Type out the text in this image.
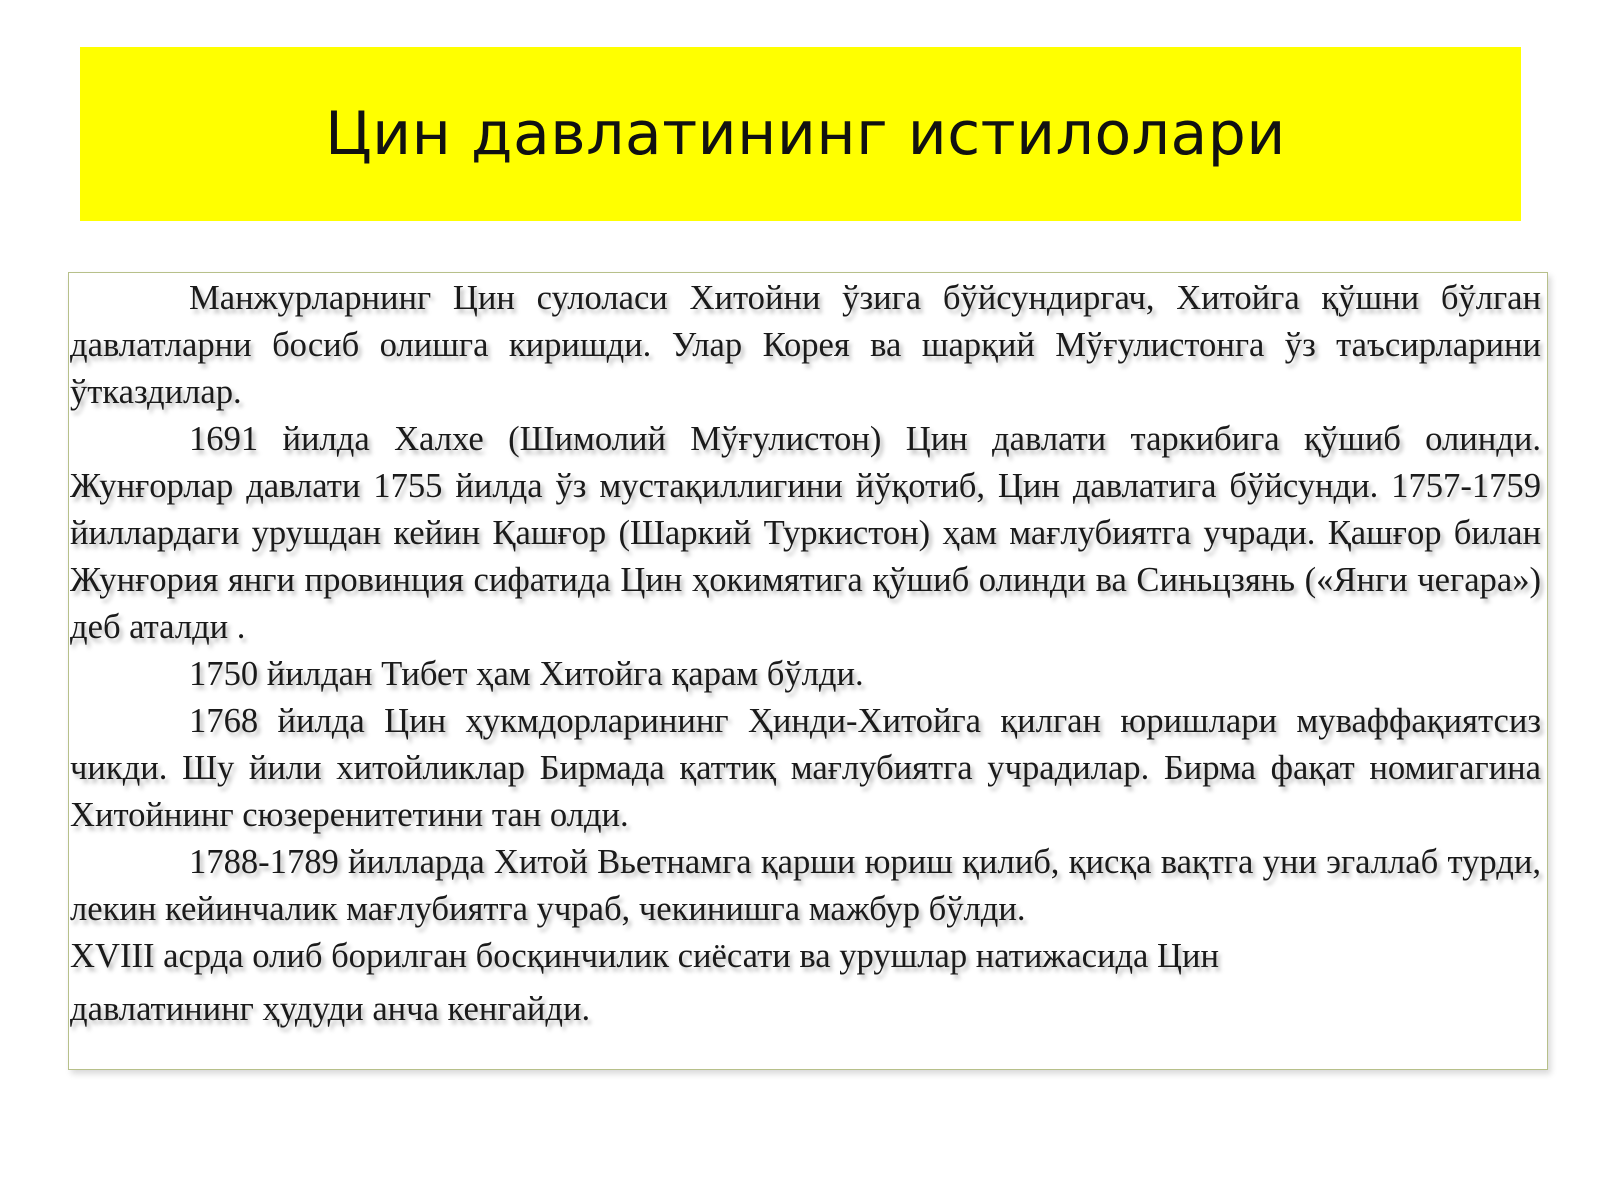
Цин давлатининг истилолари

Манжурларнинг Цин сулоласи Хитойни ўзига бўйсундиргач, Хитойга қўшни бўлган давлатларни босиб олишга киришди. Улар Корея ва шарқий Мўғулистонга ўз таъсирларини ўтказдилар.

1691 йилда Халхе (Шимолий Мўғулистон) Цин давлати таркибига қўшиб олинди. Жунғорлар давлати 1755 йилда ўз мустақиллигини йўқотиб, Цин давлатига бўйсунди. 1757-1759 йиллардаги урушдан кейин Қашғор (Шаркий Туркистон) ҳам мағлубиятга учради. Қашғор билан Жунғория янги провинция сифатида Цин ҳокимятига қўшиб олинди ва Синьцзянь («Янги чегара») деб аталди .

1750 йилдан Тибет ҳам Хитойга қарам бўлди.

1768 йилда Цин ҳукмдорларининг Ҳинди-Хитойга қилган юришлари муваффақиятсиз чикди. Шу йили хитойликлар Бирмада қаттиқ мағлубиятга учрадилар. Бирма фақат номигагина Хитойнинг сюзеренитетини тан олди.

1788-1789 йилларда Хитой Вьетнамга қарши юриш қилиб, қисқа вақтга уни эгаллаб турди, лекин кейинчалик мағлубиятга учраб, чекинишга мажбур бўлди.

XVIII асрда олиб борилган босқинчилик сиёсати ва урушлар натижасида Цин

давлатининг ҳудуди анча кенгайди.
